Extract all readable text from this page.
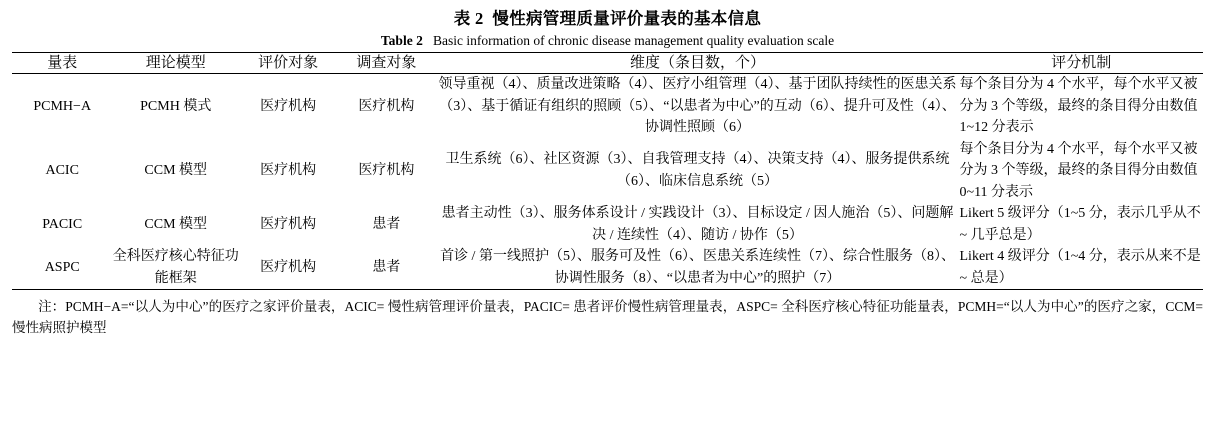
表 2 慢性病管理质量评价量表的基本信息
Table 2 Basic information of chronic disease management quality evaluation scale
量表	理论模型	评价对象	调查对象	维度（条目数，个）	评分机制
PCMH−A	PCMH 模式	医疗机构	医疗机构	领导重视（4）、质量改进策略（4）、医疗小组管理（4）、基于团队持续性的医患关系（3）、基于循证有组织的照顾（5）、“以患者为中心”的互动（6）、提升可及性（4）、协调性照顾（6）	每个条目分为 4 个水平，每个水平又被分为 3 个等级，最终的条目得分由数值 1~12 分表示
ACIC	CCM 模型	医疗机构	医疗机构	卫生系统（6）、社区资源（3）、自我管理支持（4）、决策支持（4）、服务提供系统（6）、临床信息系统（5）	每个条目分为 4 个水平，每个水平又被分为 3 个等级，最终的条目得分由数值 0~11 分表示
PACIC	CCM 模型	医疗机构	患者	患者主动性（3）、服务体系设计 / 实践设计（3）、目标设定 / 因人施治（5）、问题解决 / 连续性（4）、随访 / 协作（5）	Likert 5 级评分（1~5 分，表示几乎从不 ~ 几乎总是）
ASPC	全科医疗核心特征功能框架	医疗机构	患者	首诊 / 第一线照护（5）、服务可及性（6）、医患关系连续性（7）、综合性服务（8）、协调性服务（8）、“以患者为中心”的照护（7）	Likert 4 级评分（1~4 分，表示从来不是 ~ 总是）
注：PCMH−A=“以人为中心”的医疗之家评价量表，ACIC= 慢性病管理评价量表，PACIC= 患者评价慢性病管理量表，ASPC= 全科医疗核心特征功能量表，PCMH=“以人为中心”的医疗之家，CCM= 慢性病照护模型
